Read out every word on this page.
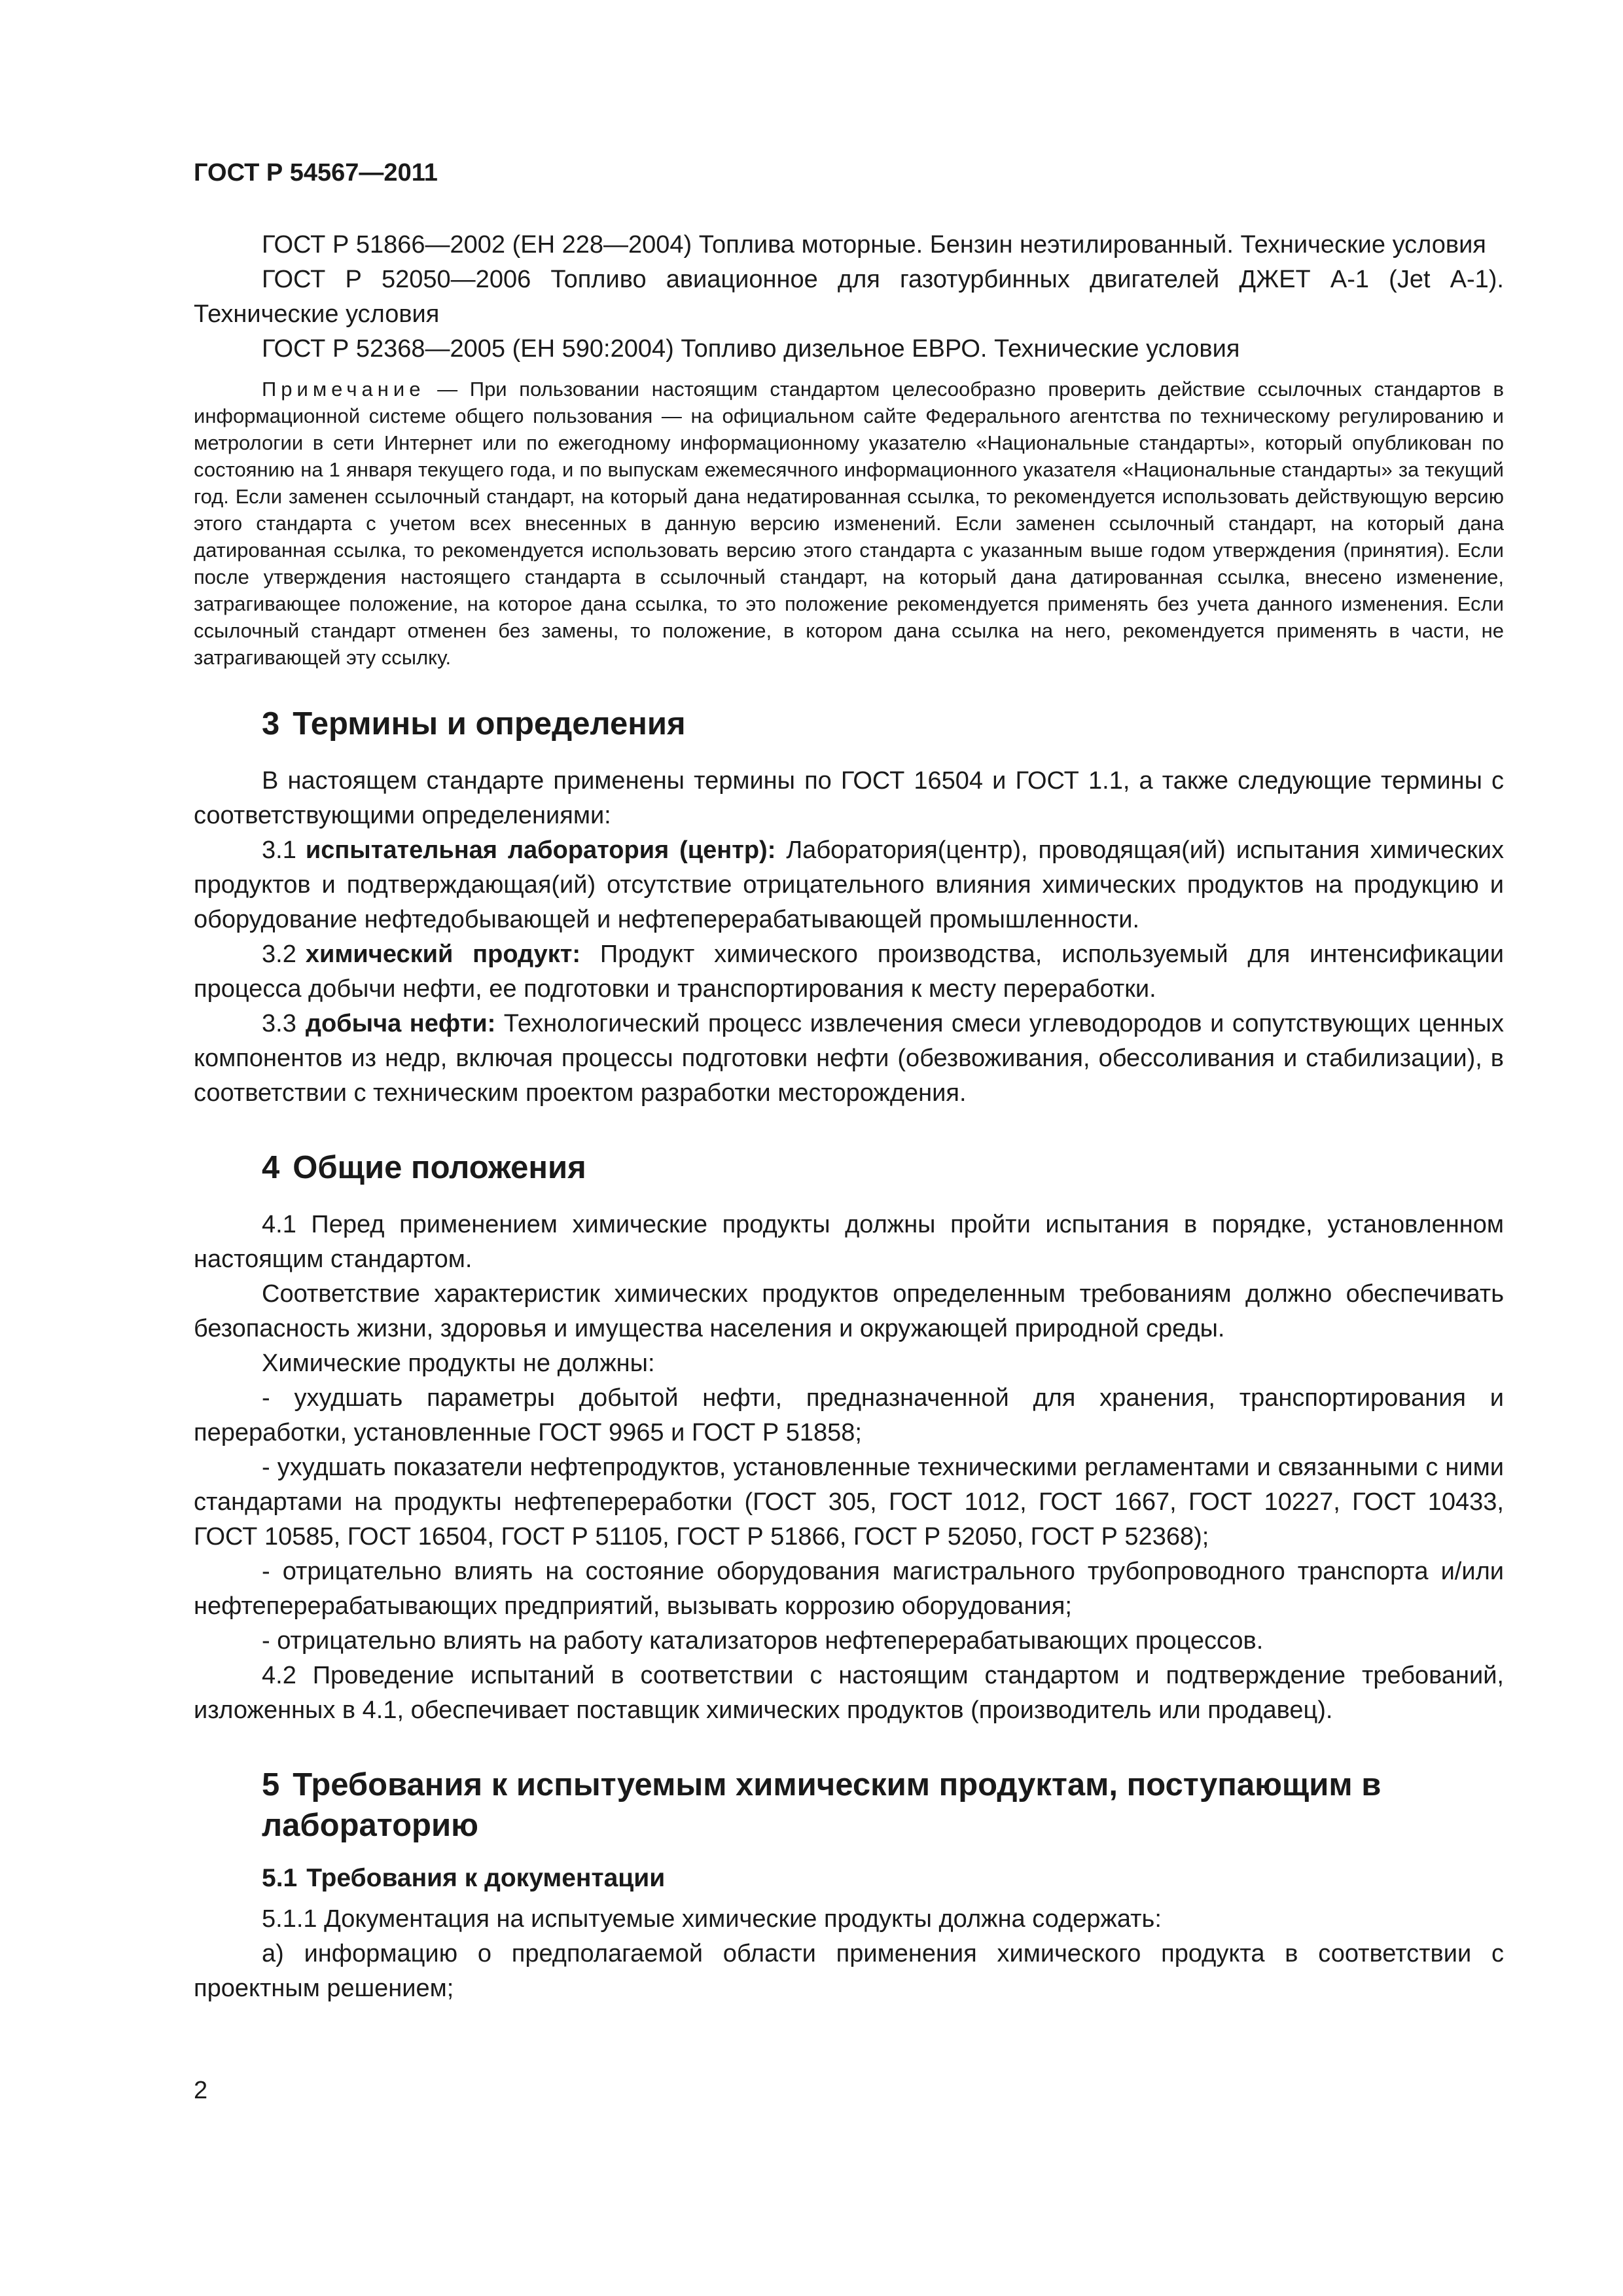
ГОСТ Р 54567—2011

ГОСТ Р 51866—2002 (ЕН 228—2004) Топлива моторные. Бензин неэтилированный. Технические условия

ГОСТ Р 52050—2006 Топливо авиационное для газотурбинных двигателей ДЖЕТ А-1 (Jet А-1). Технические условия

ГОСТ Р 52368—2005 (ЕН 590:2004) Топливо дизельное ЕВРО. Технические условия

Примечание — При пользовании настоящим стандартом целесообразно проверить действие ссылочных стандартов в информационной системе общего пользования — на официальном сайте Федерального агентства по техническому регулированию и метрологии в сети Интернет или по ежегодному информационному указателю «Национальные стандарты», который опубликован по состоянию на 1 января текущего года, и по выпускам ежемесячного информационного указателя «Национальные стандарты» за текущий год. Если заменен ссылочный стандарт, на который дана недатированная ссылка, то рекомендуется использовать действующую версию этого стандарта с учетом всех внесенных в данную версию изменений. Если заменен ссылочный стандарт, на который дана датированная ссылка, то рекомендуется использовать версию этого стандарта с указанным выше годом утверждения (принятия). Если после утверждения настоящего стандарта в ссылочный стандарт, на который дана датированная ссылка, внесено изменение, затрагивающее положение, на которое дана ссылка, то это положение рекомендуется применять без учета данного изменения. Если ссылочный стандарт отменен без замены, то положение, в котором дана ссылка на него, рекомендуется применять в части, не затрагивающей эту ссылку.
3 Термины и определения

В настоящем стандарте применены термины по ГОСТ 16504 и ГОСТ 1.1, а также следующие термины с соответствующими определениями:

3.1 испытательная лаборатория (центр): Лаборатория(центр), проводящая(ий) испытания химических продуктов и подтверждающая(ий) отсутствие отрицательного влияния химических продуктов на продукцию и оборудование нефтедобывающей и нефтеперерабатывающей промышленности.

3.2 химический продукт: Продукт химического производства, используемый для интенсификации процесса добычи нефти, ее подготовки и транспортирования к месту переработки.

3.3 добыча нефти: Технологический процесс извлечения смеси углеводородов и сопутствующих ценных компонентов из недр, включая процессы подготовки нефти (обезвоживания, обессоливания и стабилизации), в соответствии с техническим проектом разработки месторождения.

4 Общие положения

4.1 Перед применением химические продукты должны пройти испытания в порядке, установленном настоящим стандартом.

Соответствие характеристик химических продуктов определенным требованиям должно обеспечивать безопасность жизни, здоровья и имущества населения и окружающей природной среды.

Химические продукты не должны:

- ухудшать параметры добытой нефти, предназначенной для хранения, транспортирования и переработки, установленные ГОСТ 9965 и ГОСТ Р 51858;

- ухудшать показатели нефтепродуктов, установленные техническими регламентами и связанными с ними стандартами на продукты нефтепереработки (ГОСТ 305, ГОСТ 1012, ГОСТ 1667, ГОСТ 10227, ГОСТ 10433, ГОСТ 10585, ГОСТ 16504, ГОСТ Р 51105, ГОСТ Р 51866, ГОСТ Р 52050, ГОСТ Р 52368);

- отрицательно влиять на состояние оборудования магистрального трубопроводного транспорта и/или нефтеперерабатывающих предприятий, вызывать коррозию оборудования;

- отрицательно влиять на работу катализаторов нефтеперерабатывающих процессов.

4.2 Проведение испытаний в соответствии с настоящим стандартом и подтверждение требований, изложенных в 4.1, обеспечивает поставщик химических продуктов (производитель или продавец).

5 Требования к испытуемым химическим продуктам, поступающим в лабораторию
5.1 Требования к документации

5.1.1 Документация на испытуемые химические продукты должна содержать:

а) информацию о предполагаемой области применения химического продукта в соответствии с проектным решением;

2
